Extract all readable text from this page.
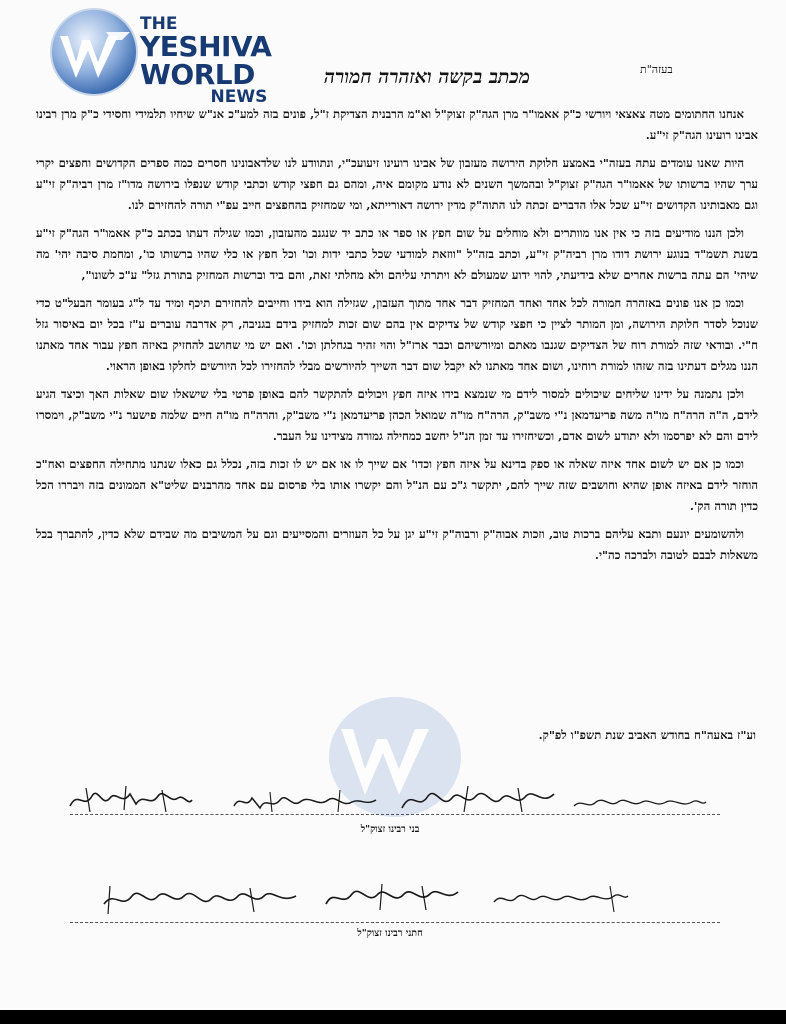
THE
YESHIVA
WORLD
NEWS
בעזה"ת
מכתב בקשה ואזהרה חמורה

אנחנו החתומים מטה צאצאי ויורשי כ"ק אאמו"ר מרן הגה"ק זצוק"ל וא"מ הרבנית הצדיקת ז"ל, פונים בזה למע"כ אנ"ש שיחיו תלמידי וחסידי כ"ק מרן רבינו אבינו רועינו הגה"ק זי"ע.

היות שאנו עומדים עתה בעזה"י באמצע חלוקת הירושה מעזבון של אבינו רועינו זיעועכ"י, ונתוודע לנו שלדאבונינו חסרים כמה ספרים הקדושים וחפצים יקרי ערך שהיו ברשותו של אאמו"ר הגה"ק זצוק"ל ובהמשך השנים לא נודע מקומם איה, ומהם גם חפצי קודש וכתבי קודש שנפלו בירושה מדו"ז מרן רביה"ק זי"ע וגם מאבותינו הקדושים זי"ע שכל אלו הדברים זכתה לנו התוה"ק מדין ירושה דאורייתא, ומי שמחזיק בהחפצים חייב עפ"י תורה להחזירם לנו.

ולכן הננו מודיעים בזה כי אין אנו מוותרים ולא מוחלים על שום חפץ או ספר או כתב יד שנגנב מהעזבון, וכמו שגילה דעתו בכתב כ"ק אאמו"ר הגה"ק זי"ע בשנת תשמ"ד בנוגע ירושת דודו מרן רביה"ק זי"ע, וכתב בזה"ל "ווזאת למודעי שכל כתבי ידות וכו' וכל חפץ או כלי שהיו ברשותו כו', ומחמת סיבה יהי' מה שיהי' הם עתה ברשות אחרים שלא בידיעתי, להוי ידוע שמעולם לא ויתרתי עליהם ולא מחלתי זאת, והם ביד וברשות המחזיק בתורת גזל" ע"כ לשונו",

וכמו כן אנו פונים באזהרה חמורה לכל אחד ואחד המחזיק דבר אחד מתוך העזבון, שגזילה הוא בידו וחייבים להחזירם תיכף ומיד עד ל"ג בעומר הבעל"ט כדי שנוכל לסדר חלוקת הירושה, ומן המותר לציין כי חפצי קודש של צדיקים אין בהם שום זכות למחזיק בידם בגניבה, רק אדרבה עוברים ע"ז בכל יום באיסור גזל ח"י. ובודאי שזה למורת רוח של הצדיקים שגנבו מאתם ומיורשיהם וכבר ארז"ל והוי זהיר בגחלתן וכו'. ואם יש מי שחושב להחזיק באיזה חפץ עבור אחד מאתנו הננו מגלים דעתינו בזה שזהו למורת רוחינו, ושום אחד מאתנו לא יקבל שום דבר השייך להיורשים מבלי להחזירו לכל היורשים לחלקו באופן הראוי.

ולכן נתמנה על ידינו שליחים שיכולים למסור לידם מי שנמצא בידו איזה חפץ ויכולים להתקשר להם באופן פרטי בלי שישאלו שום שאלות האך וכיצד הגיע לידם, ה"ה הרה"ח מו"ה משה פריעדמאן נ"י משב"ק, הרה"ח מו"ה שמואל הכהן פריעדמאן נ"י משב"ק, והרה"ח מו"ה חיים שלמה פישער נ"י משב"ק, וימסרו לידם והם לא יפרסמו ולא יתודע לשום אדם, וכשיחזירו עד זמן הנ"ל יחשב כמחילה גמורה מצידינו על העבר.

וכמו כן אם יש לשום אחד איזה שאלה או ספק בדינא על איזה חפץ וכדו' אם שייך לו או אם יש לו זכות בזה, נכלל גם כאלו שנתנו מתחילה החפצים ואח"כ הוחזר לידם באיזה אופן שהיא וחושבים שזה שייך להם, יתקשר ג"כ עם הנ"ל והם יקשרו אותו בלי פרסום עם אחד מהרבנים שליט"א הממונים בזה ויבררו הכל כדין תורה הק'.

ולהשומעים יונעם ותבא עליהם ברכות טוב, וזכות אבוה"ק ורבוה"ק זי"ע יגן על כל העוזרים והמסייעים וגם על המשיבים מה שבידם שלא כדין, להתברך בכל משאלות לבבם לטובה ולברכה כה"י.

וע"ז באעה"ח בחודש האביב שנת תשפ"ו לפ"ק.
בני רבינו זצוק"ל
חתני רבינו זצוק"ל
